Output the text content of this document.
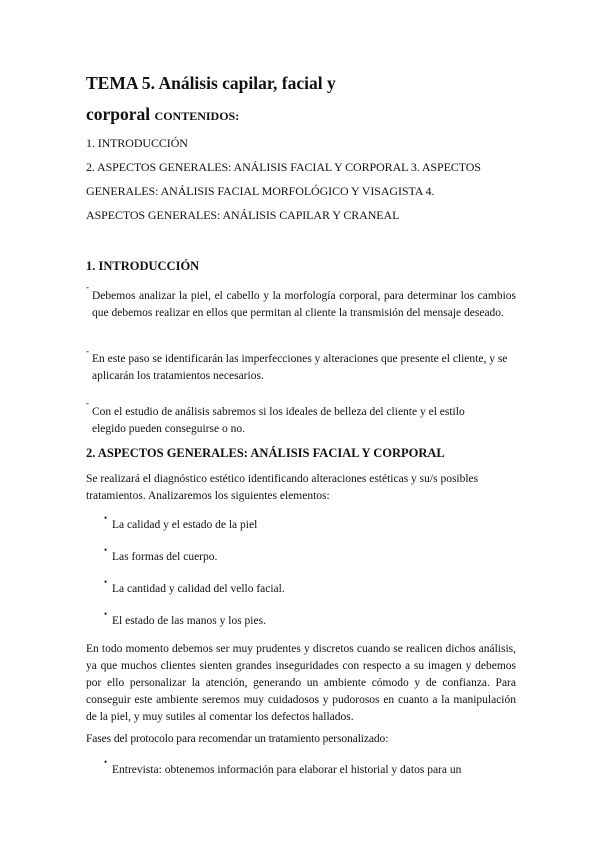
TEMA 5. Análisis capilar, facial y
corporal CONTENIDOS:
1. INTRODUCCIÓN
2. ASPECTOS GENERALES: ANÁLISIS FACIAL Y CORPORAL 3. ASPECTOS
GENERALES: ANÁLISIS FACIAL MORFOLÓGICO Y VISAGISTA 4.
ASPECTOS GENERALES: ANÁLISIS CAPILAR Y CRANEAL
1. INTRODUCCIÓN
-
Debemos analizar la piel, el cabello y la morfología corporal, para determinar los cambios que debemos realizar en ellos que permitan al cliente la transmisión del mensaje deseado.
-
En este paso se identificarán las imperfecciones y alteraciones que presente el cliente, y se aplicarán los tratamientos necesarios.
-
Con el estudio de análisis sabremos si los ideales de belleza del cliente y el estilo elegido pueden conseguirse o no.
2. ASPECTOS GENERALES: ANÁLISIS FACIAL Y CORPORAL
Se realizará el diagnóstico estético identificando alteraciones estéticas y su/s posibles tratamientos. Analizaremos los siguientes elementos:
•
La calidad y el estado de la piel
•
Las formas del cuerpo.
•
La cantidad y calidad del vello facial.
•
El estado de las manos y los pies.
En todo momento debemos ser muy prudentes y discretos cuando se realicen dichos análisis, ya que muchos clientes sienten grandes inseguridades con respecto a su imagen y debemos por ello personalizar la atención, generando un ambiente cómodo y de confianza. Para conseguir este ambiente seremos muy cuidadosos y pudorosos en cuanto a la manipulación de la piel, y muy sutiles al comentar los defectos hallados.
Fases del protocolo para recomendar un tratamiento personalizado:
•
Entrevista: obtenemos información para elaborar el historial y datos para un
